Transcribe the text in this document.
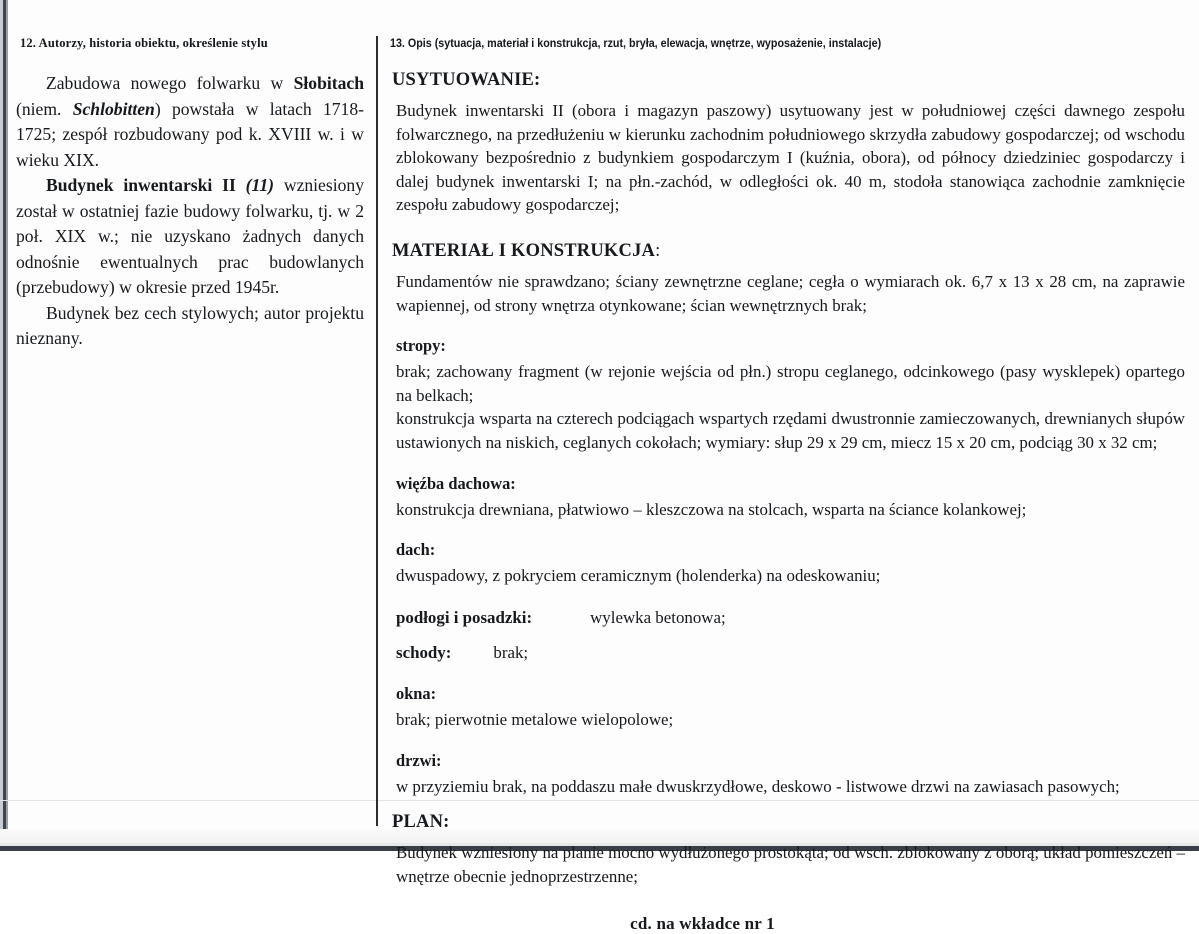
12. Autorzy, historia obiektu, określenie stylu

Zabudowa nowego folwarku w Słobitach (niem. Schlobitten) powstała w latach 1718-1725; zespół rozbudowany pod k. XVIII w. i w wieku XIX.

Budynek inwentarski II (11) wzniesiony został w ostatniej fazie budowy folwarku, tj. w 2 poł. XIX w.; nie uzyskano żadnych danych odnośnie ewentualnych prac budowlanych (przebudowy) w okresie przed 1945r.

Budynek bez cech stylowych; autor projektu nieznany.

13. Opis (sytuacja, materiał i konstrukcja, rzut, bryła, elewacja, wnętrze, wyposażenie, instalacje)
USYTUOWANIE:
Budynek inwentarski II (obora i magazyn paszowy) usytuowany jest w południowej części dawnego zespołu folwarcznego, na przedłużeniu w kierunku zachodnim południowego skrzydła zabudowy gospodarczej; od wschodu zblokowany bezpośrednio z budynkiem gospodarczym I (kuźnia, obora), od północy dziedziniec gospodarczy i dalej budynek inwentarski I; na płn.-zachód, w odległości ok. 40 m, stodoła stanowiąca zachodnie zamknięcie zespołu zabudowy gospodarczej;
MATERIAŁ I KONSTRUKCJA:
Fundamentów nie sprawdzano; ściany zewnętrzne ceglane; cegła o wymiarach ok. 6,7 x 13 x 28 cm, na zaprawie wapiennej, od strony wnętrza otynkowane; ścian wewnętrznych brak;
stropy:
brak; zachowany fragment (w rejonie wejścia od płn.) stropu ceglanego, odcinkowego (pasy wysklepek) opartego na belkach;
konstrukcja wsparta na czterech podciągach wspartych rzędami dwustronnie zamieczowanych, drewnianych słupów ustawionych na niskich, ceglanych cokołach; wymiary: słup 29 x 29 cm, miecz 15 x 20 cm, podciąg 30 x 32 cm;
więźba dachowa:
konstrukcja drewniana, płatwiowo – kleszczowa na stolcach, wsparta na ściance kolankowej;
dach:
dwuspadowy, z pokryciem ceramicznym (holenderka) na odeskowaniu;
podłogi i posadzki:	wylewka betonowa;
schody: brak;
okna:
brak; pierwotnie metalowe wielopolowe;
drzwi:
w przyziemiu brak, na poddaszu małe dwuskrzydłowe, deskowo - listwowe drzwi na zawiasach pasowych;
PLAN:
Budynek wzniesiony na planie mocno wydłużonego prostokąta; od wsch. zblokowany z oborą; układ pomieszczeń – wnętrze obecnie jednoprzestrzenne;
cd. na wkładce nr 1
